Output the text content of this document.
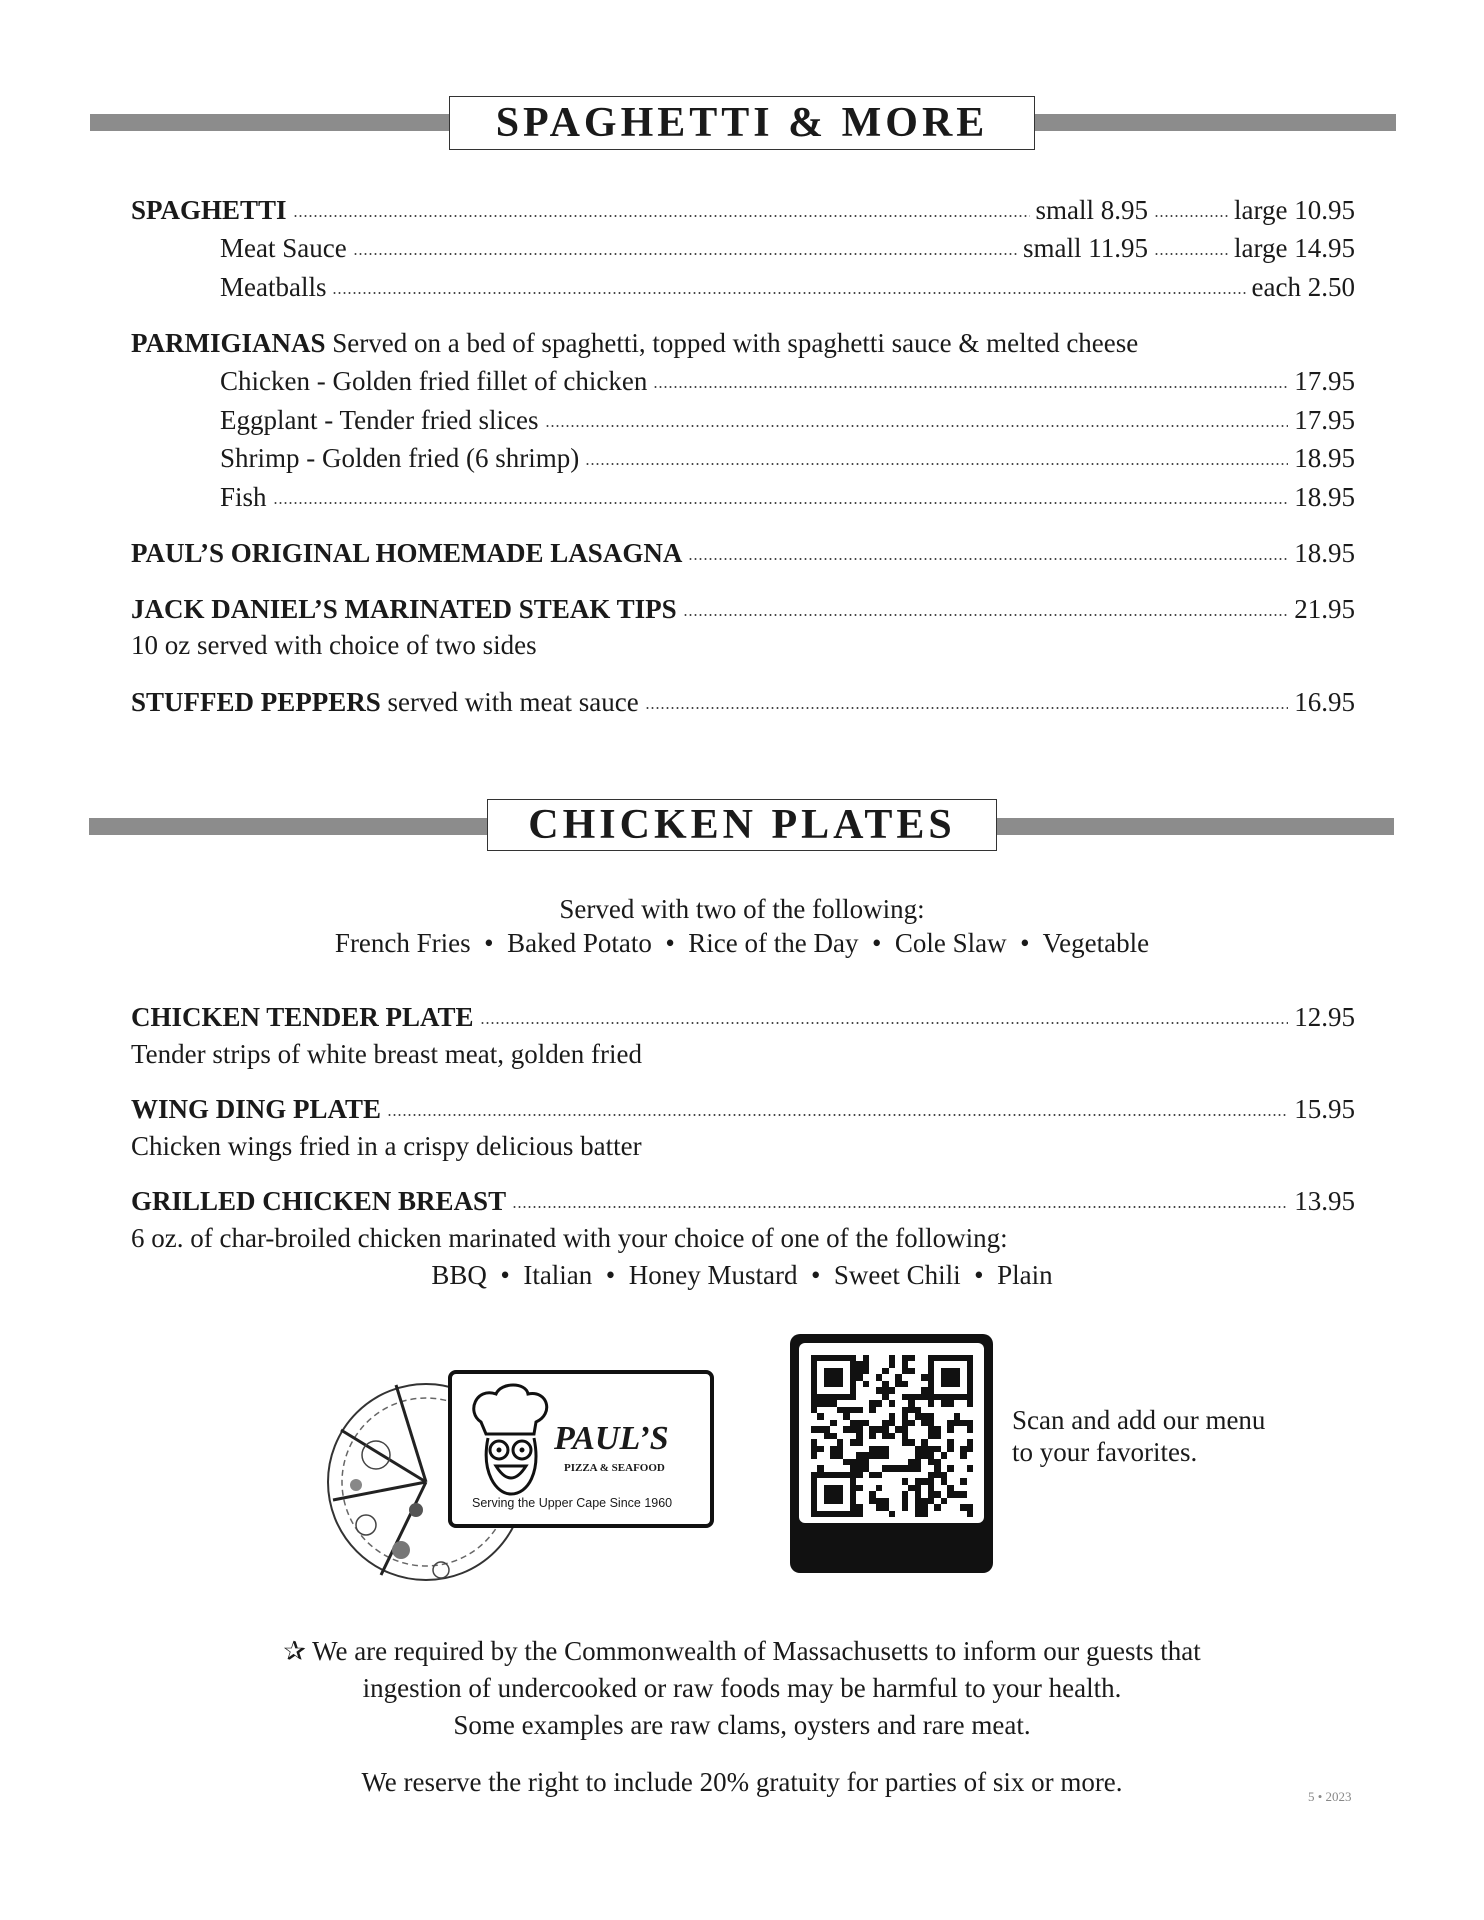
SPAGHETTI & MORE
SPAGHETTI	small 8.95	large 10.95
Meat Sauce	small 11.95	large 14.95
Meatballs	each 2.50
PARMIGIANAS Served on a bed of spaghetti, topped with spaghetti sauce & melted cheese
Chicken - Golden fried fillet of chicken	17.95
Eggplant - Tender fried slices	17.95
Shrimp - Golden fried (6 shrimp)	18.95
Fish	18.95
PAUL’S ORIGINAL HOMEMADE LASAGNA	18.95
JACK DANIEL’S MARINATED STEAK TIPS	21.95
10 oz served with choice of two sides
STUFFED PEPPERS served with meat sauce	16.95
CHICKEN PLATES
Served with two of the following:
French Fries  •  Baked Potato  •  Rice of the Day  •  Cole Slaw  •  Vegetable
CHICKEN TENDER PLATE	12.95
Tender strips of white breast meat, golden fried
WING DING PLATE	15.95
Chicken wings fried in a crispy delicious batter
GRILLED CHICKEN BREAST	13.95
6 oz. of char-broiled chicken marinated with your choice of one of the following:
BBQ  •  Italian  •  Honey Mustard  •  Sweet Chili  •  Plain
PAUL’S
PIZZA & SEAFOOD
Serving the Upper Cape Since 1960
Scan and add our menu
to your favorites.
✰ We are required by the Commonwealth of Massachusetts to inform our guests that
ingestion of undercooked or raw foods may be harmful to your health.
Some examples are raw clams, oysters and rare meat.
We reserve the right to include 20% gratuity for parties of six or more.	5 • 2023
